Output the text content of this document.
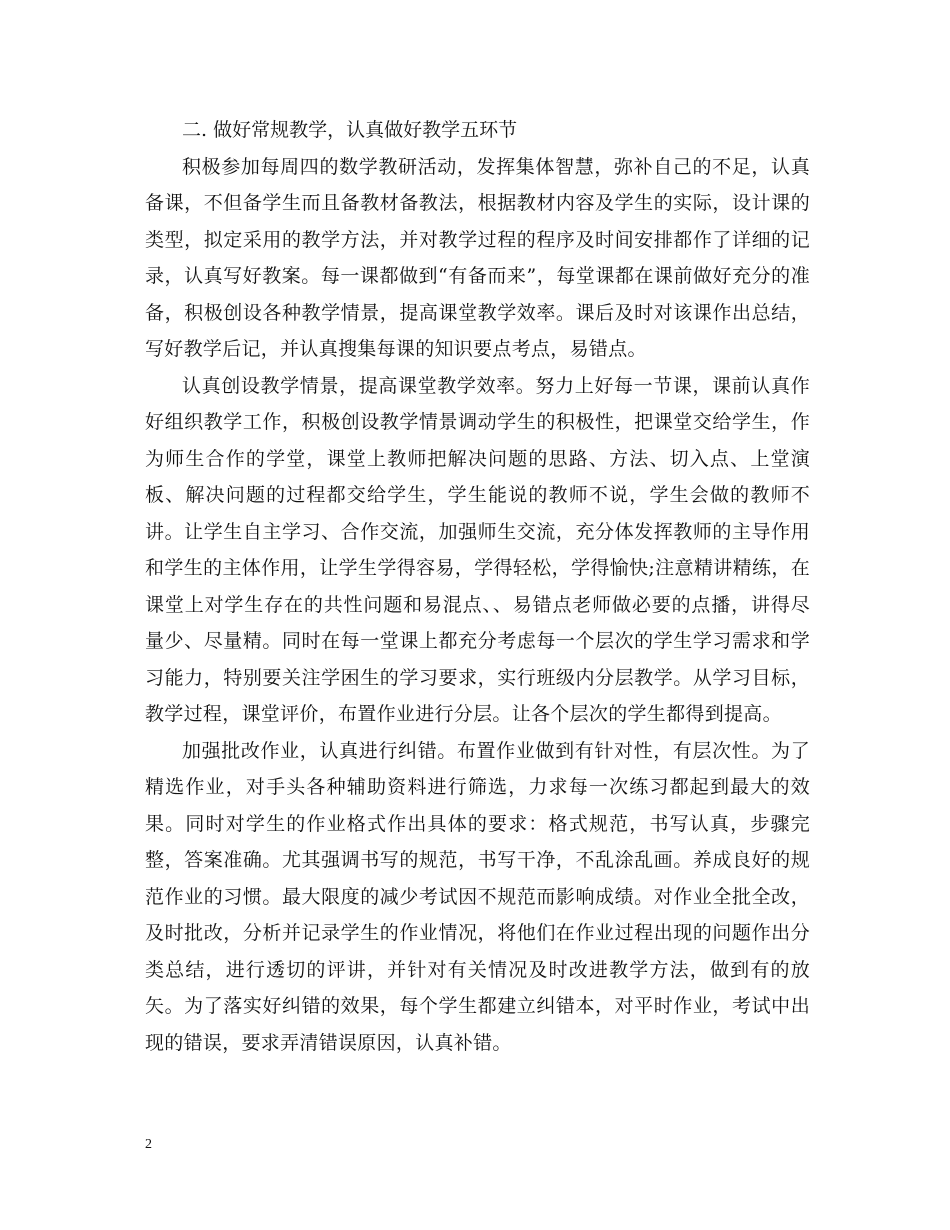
二. 做好常规教学，认真做好教学五环节

积极参加每周四的数学教研活动，发挥集体智慧，弥补自己的不足，认真备课，不但备学生而且备教材备教法，根据教材内容及学生的实际，设计课的类型，拟定采用的教学方法，并对教学过程的程序及时间安排都作了详细的记录，认真写好教案。每一课都做到“有备而来”，每堂课都在课前做好充分的准备，积极创设各种教学情景，提高课堂教学效率。课后及时对该课作出总结，写好教学后记，并认真搜集每课的知识要点考点，易错点。

认真创设教学情景，提高课堂教学效率。努力上好每一节课，课前认真作好组织教学工作，积极创设教学情景调动学生的积极性，把课堂交给学生，作为师生合作的学堂，课堂上教师把解决问题的思路、方法、切入点、上堂演板、解决问题的过程都交给学生，学生能说的教师不说，学生会做的教师不讲。让学生自主学习、合作交流，加强师生交流，充分体发挥教师的主导作用和学生的主体作用，让学生学得容易，学得轻松，学得愉快;注意精讲精练，在课堂上对学生存在的共性问题和易混点、、易错点老师做必要的点播，讲得尽量少、尽量精。同时在每一堂课上都充分考虑每一个层次的学生学习需求和学习能力，特别要关注学困生的学习要求，实行班级内分层教学。从学习目标，教学过程，课堂评价，布置作业进行分层。让各个层次的学生都得到提高。

加强批改作业，认真进行纠错。布置作业做到有针对性，有层次性。为了精选作业，对手头各种辅助资料进行筛选，力求每一次练习都起到最大的效果。同时对学生的作业格式作出具体的要求：格式规范，书写认真，步骤完整，答案准确。尤其强调书写的规范，书写干净，不乱涂乱画。养成良好的规范作业的习惯。最大限度的减少考试因不规范而影响成绩。对作业全批全改，及时批改，分析并记录学生的作业情况，将他们在作业过程出现的问题作出分类总结，进行透切的评讲，并针对有关情况及时改进教学方法，做到有的放矢。为了落实好纠错的效果，每个学生都建立纠错本，对平时作业，考试中出现的错误，要求弄清错误原因，认真补错。

2
